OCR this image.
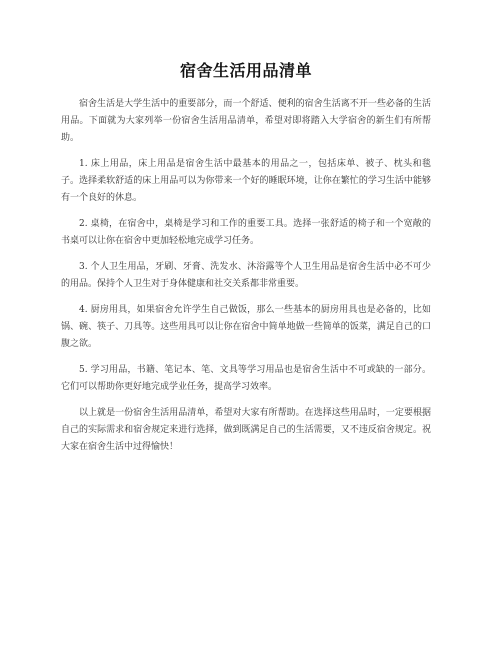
宿舍生活用品清单

宿舍生活是大学生活中的重要部分，而一个舒适、便利的宿舍生活离不开一些必备的生活用品。下面就为大家列举一份宿舍生活用品清单，希望对即将踏入大学宿舍的新生们有所帮助。

1. 床上用品，床上用品是宿舍生活中最基本的用品之一，包括床单、被子、枕头和毯子。选择柔软舒适的床上用品可以为你带来一个好的睡眠环境，让你在繁忙的学习生活中能够有一个良好的休息。

2. 桌椅，在宿舍中，桌椅是学习和工作的重要工具。选择一张舒适的椅子和一个宽敞的书桌可以让你在宿舍中更加轻松地完成学习任务。

3. 个人卫生用品，牙刷、牙膏、洗发水、沐浴露等个人卫生用品是宿舍生活中必不可少的用品。保持个人卫生对于身体健康和社交关系都非常重要。

4. 厨房用具，如果宿舍允许学生自己做饭，那么一些基本的厨房用具也是必备的，比如锅、碗、筷子、刀具等。这些用具可以让你在宿舍中简单地做一些简单的饭菜，满足自己的口腹之欲。

5. 学习用品，书籍、笔记本、笔、文具等学习用品也是宿舍生活中不可或缺的一部分。它们可以帮助你更好地完成学业任务，提高学习效率。

以上就是一份宿舍生活用品清单，希望对大家有所帮助。在选择这些用品时，一定要根据自己的实际需求和宿舍规定来进行选择，做到既满足自己的生活需要，又不违反宿舍规定。祝大家在宿舍生活中过得愉快！
